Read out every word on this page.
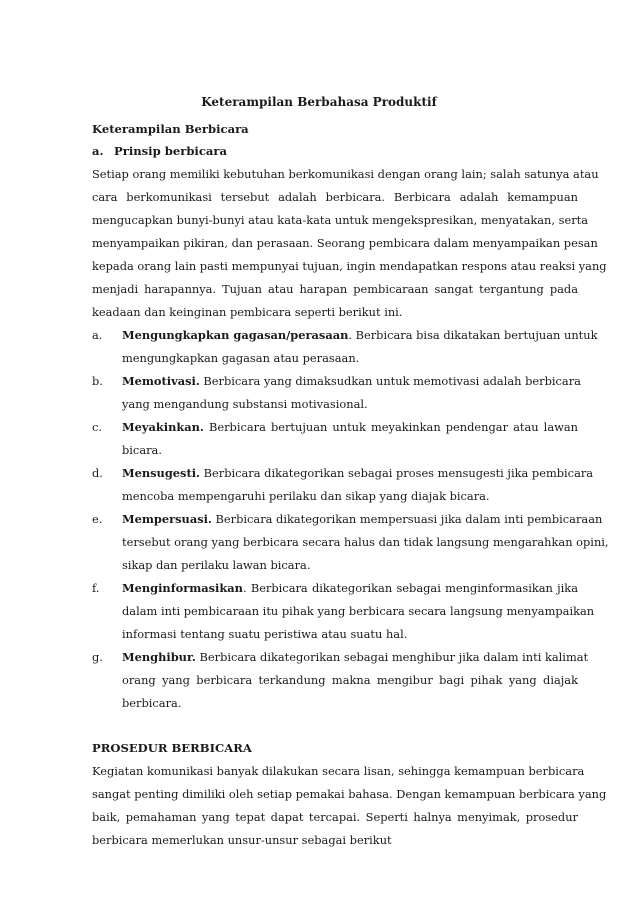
Keterampilan Berbahasa Produktif
Keterampilan Berbicara
a. Prinsip berbicara
Setiap orang memiliki kebutuhan berkomunikasi dengan orang lain; salah satunya atau
cara berkomunikasi tersebut adalah berbicara. Berbicara adalah kemampuan
mengucapkan bunyi-bunyi atau kata-kata untuk mengekspresikan, menyatakan, serta
menyampaikan pikiran, dan perasaan. Seorang pembicara dalam menyampaikan pesan
kepada orang lain pasti mempunyai tujuan, ingin mendapatkan respons atau reaksi yang
menjadi harapannya. Tujuan atau harapan pembicaraan sangat tergantung pada
keadaan dan keinginan pembicara seperti berikut ini.
a. Mengungkapkan gagasan/perasaan. Berbicara bisa dikatakan bertujuan untuk
mengungkapkan gagasan atau perasaan.
b. Memotivasi. Berbicara yang dimaksudkan untuk memotivasi adalah berbicara
yang mengandung substansi motivasional.
c. Meyakinkan. Berbicara bertujuan untuk meyakinkan pendengar atau lawan
bicara.
d. Mensugesti. Berbicara dikategorikan sebagai proses mensugesti jika pembicara
mencoba mempengaruhi perilaku dan sikap yang diajak bicara.
e. Mempersuasi. Berbicara dikategorikan mempersuasi jika dalam inti pembicaraan
tersebut orang yang berbicara secara halus dan tidak langsung mengarahkan opini,
sikap dan perilaku lawan bicara.
f. Menginformasikan. Berbicara dikategorikan sebagai menginformasikan jika
dalam inti pembicaraan itu pihak yang berbicara secara langsung menyampaikan
informasi tentang suatu peristiwa atau suatu hal.
g. Menghibur. Berbicara dikategorikan sebagai menghibur jika dalam inti kalimat
orang yang berbicara terkandung makna mengibur bagi pihak yang diajak
berbicara.
PROSEDUR BERBICARA
Kegiatan komunikasi banyak dilakukan secara lisan, sehingga kemampuan berbicara
sangat penting dimiliki oleh setiap pemakai bahasa. Dengan kemampuan berbicara yang
baik, pemahaman yang tepat dapat tercapai. Seperti halnya menyimak, prosedur
berbicara memerlukan unsur-unsur sebagai berikut
